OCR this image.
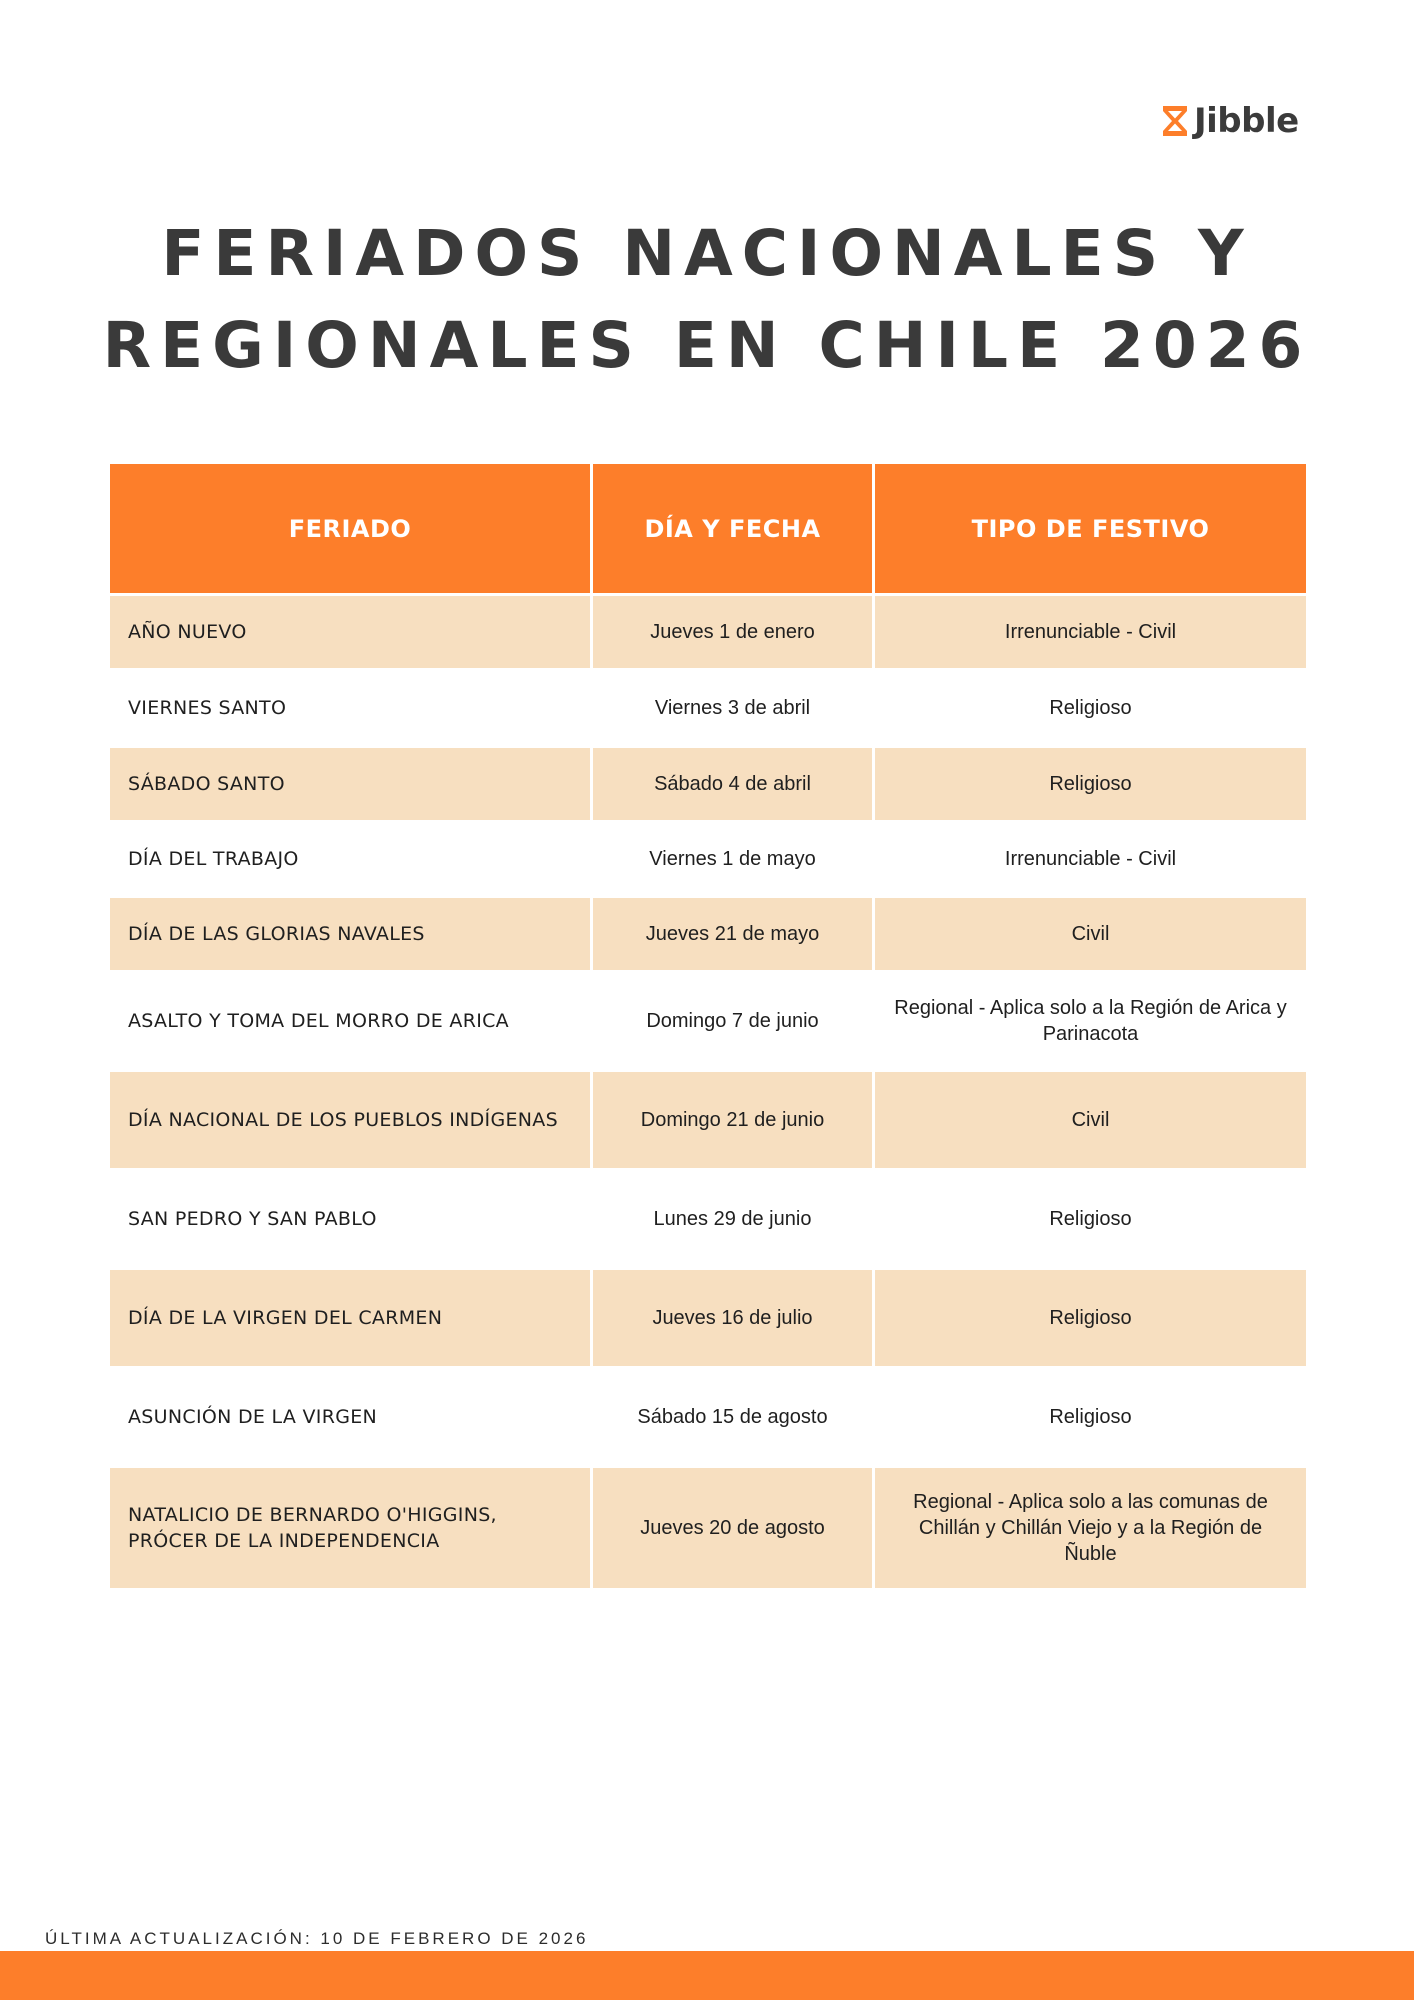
Jibble
FERIADOS NACIONALES Y
REGIONALES EN CHILE 2026
FERIADO	DÍA Y FECHA	TIPO DE FESTIVO
AÑO NUEVO	Jueves 1 de enero	Irrenunciable - Civil
VIERNES SANTO	Viernes 3 de abril	Religioso
SÁBADO SANTO	Sábado 4 de abril	Religioso
DÍA DEL TRABAJO	Viernes 1 de mayo	Irrenunciable - Civil
DÍA DE LAS GLORIAS NAVALES	Jueves 21 de mayo	Civil
ASALTO Y TOMA DEL MORRO DE ARICA	Domingo 7 de junio	Regional - Aplica solo a la Región de Arica y Parinacota
DÍA NACIONAL DE LOS PUEBLOS INDÍGENAS	Domingo 21 de junio	Civil
SAN PEDRO Y SAN PABLO	Lunes 29 de junio	Religioso
DÍA DE LA VIRGEN DEL CARMEN	Jueves 16 de julio	Religioso
ASUNCIÓN DE LA VIRGEN	Sábado 15 de agosto	Religioso
NATALICIO DE BERNARDO O'HIGGINS, PRÓCER DE LA INDEPENDENCIA	Jueves 20 de agosto	Regional - Aplica solo a las comunas de Chillán y Chillán Viejo y a la Región de Ñuble
ÚLTIMA ACTUALIZACIÓN: 10 DE FEBRERO DE 2026
